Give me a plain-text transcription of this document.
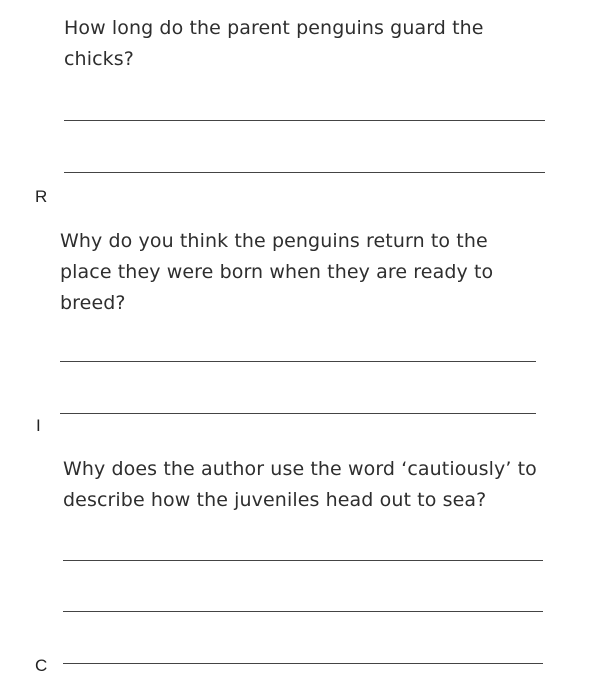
How long do the parent penguins guard the
chicks?

R

Why do you think the penguins return to the
place they were born when they are ready to
breed?

I

Why does the author use the word ‘cautiously’ to
describe how the juveniles head out to sea?

C
